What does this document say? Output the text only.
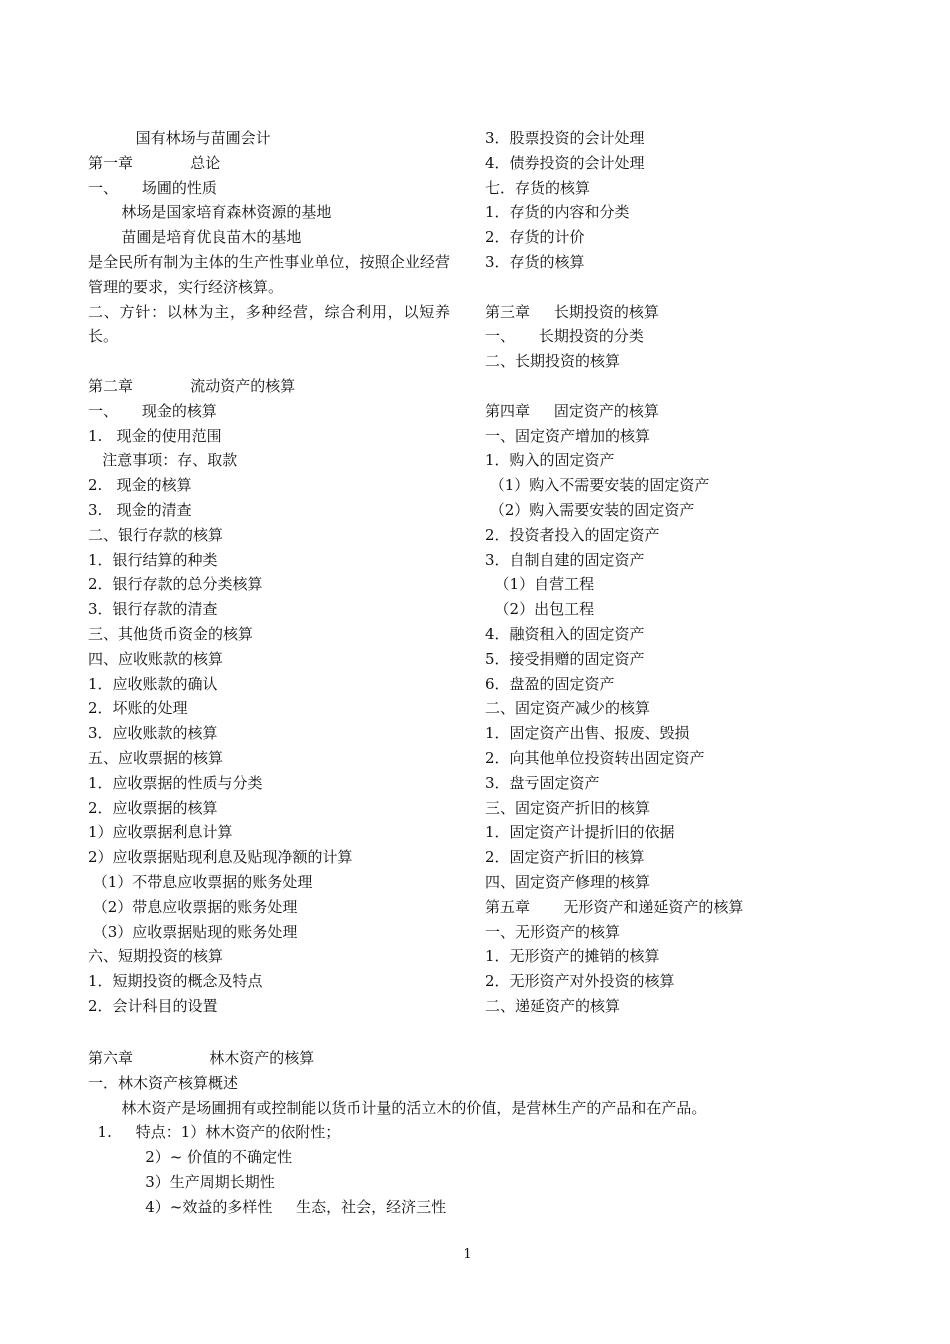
国有林场与苗圃会计
第一章            总论
一、     场圃的性质
林场是国家培育森林资源的基地
苗圃是培育优良苗木的基地
是全民所有制为主体的生产性事业单位，按照企业经营管理的要求，实行经济核算。
二、方针：以林为主，多种经营，综合利用，以短养长。
第二章            流动资产的核算
一、     现金的核算
1.   现金的使用范围
注意事项：存、取款
2.   现金的核算
3.   现金的清查
二、银行存款的核算
1．银行结算的种类
2．银行存款的总分类核算
3．银行存款的清查
三、其他货币资金的核算
四、应收账款的核算
1．应收账款的确认
2．坏账的处理
3．应收账款的核算
五、应收票据的核算
1．应收票据的性质与分类
2．应收票据的核算
1）应收票据利息计算
2）应收票据贴现利息及贴现净额的计算
（1）不带息应收票据的账务处理
（2）带息应收票据的账务处理
（3）应收票据贴现的账务处理
六、短期投资的核算
1．短期投资的概念及特点
2．会计科目的设置
3．股票投资的会计处理
4．债券投资的会计处理
七．存货的核算
1．存货的内容和分类
2．存货的计价
3．存货的核算
第三章     长期投资的核算
一、     长期投资的分类
二、长期投资的核算
第四章     固定资产的核算
一、固定资产增加的核算
1．购入的固定资产
（1）购入不需要安装的固定资产
（2）购入需要安装的固定资产
2．投资者投入的固定资产
3．自制自建的固定资产
（1）自营工程
（2）出包工程
4．融资租入的固定资产
5．接受捐赠的固定资产
6．盘盈的固定资产
二、固定资产减少的核算
1．固定资产出售、报废、毁损
2．向其他单位投资转出固定资产
3．盘亏固定资产
三、固定资产折旧的核算
1．固定资产计提折旧的依据
2．固定资产折旧的核算
四、固定资产修理的核算
第五章       无形资产和递延资产的核算
一、无形资产的核算
1．无形资产的摊销的核算
2．无形资产对外投资的核算
二、递延资产的核算
第六章                林木资产的核算
一．林木资产核算概述
林木资产是场圃拥有或控制能以货币计量的活立木的价值，是营林生产的产品和在产品。
1.     特点：1）林木资产的依附性；
2）~ 价值的不确定性
3）生产周期长期性
4）~效益的多样性     生态，社会，经济三性
1
